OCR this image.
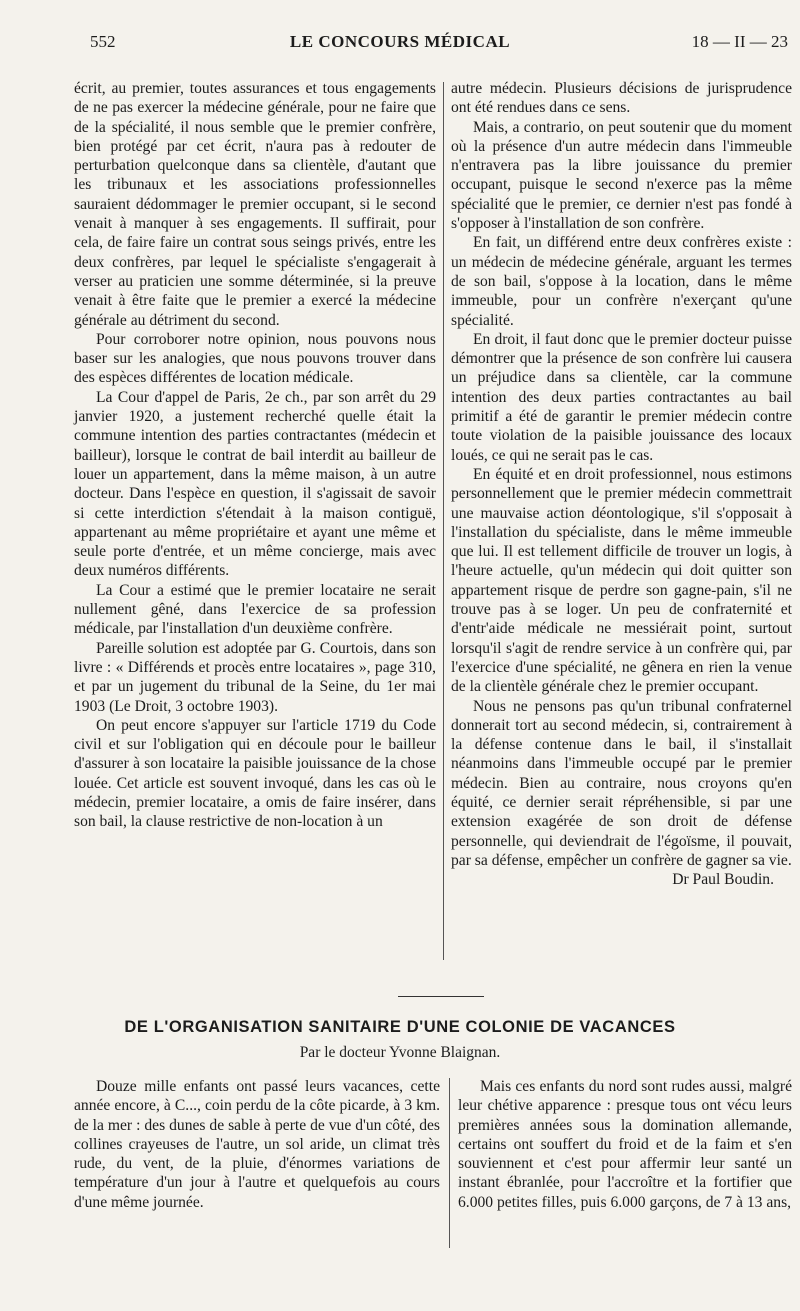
552	LE CONCOURS MÉDICAL	18 — II — 23

écrit, au premier, toutes assurances et tous engagements de ne pas exercer la médecine générale, pour ne faire que de la spécialité, il nous semble que le premier confrère, bien protégé par cet écrit, n'aura pas à redouter de perturbation quelconque dans sa clientèle, d'autant que les tribunaux et les associations professionnelles sauraient dédommager le premier occupant, si le second venait à manquer à ses engagements. Il suffirait, pour cela, de faire faire un contrat sous seings privés, entre les deux confrères, par lequel le spécialiste s'engagerait à verser au praticien une somme déterminée, si la preuve venait à être faite que le premier a exercé la médecine générale au détriment du second.

Pour corroborer notre opinion, nous pouvons nous baser sur les analogies, que nous pouvons trouver dans des espèces différentes de location médicale.

La Cour d'appel de Paris, 2e ch., par son arrêt du 29 janvier 1920, a justement recherché quelle était la commune intention des parties contractantes (médecin et bailleur), lorsque le contrat de bail interdit au bailleur de louer un appartement, dans la même maison, à un autre docteur. Dans l'espèce en question, il s'agissait de savoir si cette interdiction s'étendait à la maison contiguë, appartenant au même propriétaire et ayant une même et seule porte d'entrée, et un même concierge, mais avec deux numéros différents.

La Cour a estimé que le premier locataire ne serait nullement gêné, dans l'exercice de sa profession médicale, par l'installation d'un deuxième confrère.

Pareille solution est adoptée par G. Courtois, dans son livre : « Différends et procès entre locataires », page 310, et par un jugement du tribunal de la Seine, du 1er mai 1903 (Le Droit, 3 octobre 1903).

On peut encore s'appuyer sur l'article 1719 du Code civil et sur l'obligation qui en découle pour le bailleur d'assurer à son locataire la paisible jouissance de la chose louée. Cet article est souvent invoqué, dans les cas où le médecin, premier locataire, a omis de faire insérer, dans son bail, la clause restrictive de non-location à un

autre médecin. Plusieurs décisions de jurisprudence ont été rendues dans ce sens.

Mais, a contrario, on peut soutenir que du moment où la présence d'un autre médecin dans l'immeuble n'entravera pas la libre jouissance du premier occupant, puisque le second n'exerce pas la même spécialité que le premier, ce dernier n'est pas fondé à s'opposer à l'installation de son confrère.

En fait, un différend entre deux confrères existe : un médecin de médecine générale, arguant les termes de son bail, s'oppose à la location, dans le même immeuble, pour un confrère n'exerçant qu'une spécialité.

En droit, il faut donc que le premier docteur puisse démontrer que la présence de son confrère lui causera un préjudice dans sa clientèle, car la commune intention des deux parties contractantes au bail primitif a été de garantir le premier médecin contre toute violation de la paisible jouissance des locaux loués, ce qui ne serait pas le cas.

En équité et en droit professionnel, nous estimons personnellement que le premier médecin commettrait une mauvaise action déontologique, s'il s'opposait à l'installation du spécialiste, dans le même immeuble que lui. Il est tellement difficile de trouver un logis, à l'heure actuelle, qu'un médecin qui doit quitter son appartement risque de perdre son gagne-pain, s'il ne trouve pas à se loger. Un peu de confraternité et d'entr'aide médicale ne messiérait point, surtout lorsqu'il s'agit de rendre service à un confrère qui, par l'exercice d'une spécialité, ne gênera en rien la venue de la clientèle générale chez le premier occupant.

Nous ne pensons pas qu'un tribunal confraternel donnerait tort au second médecin, si, contrairement à la défense contenue dans le bail, il s'installait néanmoins dans l'immeuble occupé par le premier médecin. Bien au contraire, nous croyons qu'en équité, ce dernier serait répréhensible, si par une extension exagérée de son droit de défense personnelle, qui deviendrait de l'égoïsme, il pouvait, par sa défense, empêcher un confrère de gagner sa vie.

Dr Paul Boudin.

DE L'ORGANISATION SANITAIRE D'UNE COLONIE DE VACANCES
Par le docteur Yvonne Blaignan.

Douze mille enfants ont passé leurs vacances, cette année encore, à C..., coin perdu de la côte picarde, à 3 km. de la mer : des dunes de sable à perte de vue d'un côté, des collines crayeuses de l'autre, un sol aride, un climat très rude, du vent, de la pluie, d'énormes variations de température d'un jour à l'autre et quelquefois au cours d'une même journée.

Mais ces enfants du nord sont rudes aussi, malgré leur chétive apparence : presque tous ont vécu leurs premières années sous la domination allemande, certains ont souffert du froid et de la faim et s'en souviennent et c'est pour affermir leur santé un instant ébranlée, pour l'accroître et la fortifier que 6.000 petites filles, puis 6.000 garçons, de 7 à 13 ans,
